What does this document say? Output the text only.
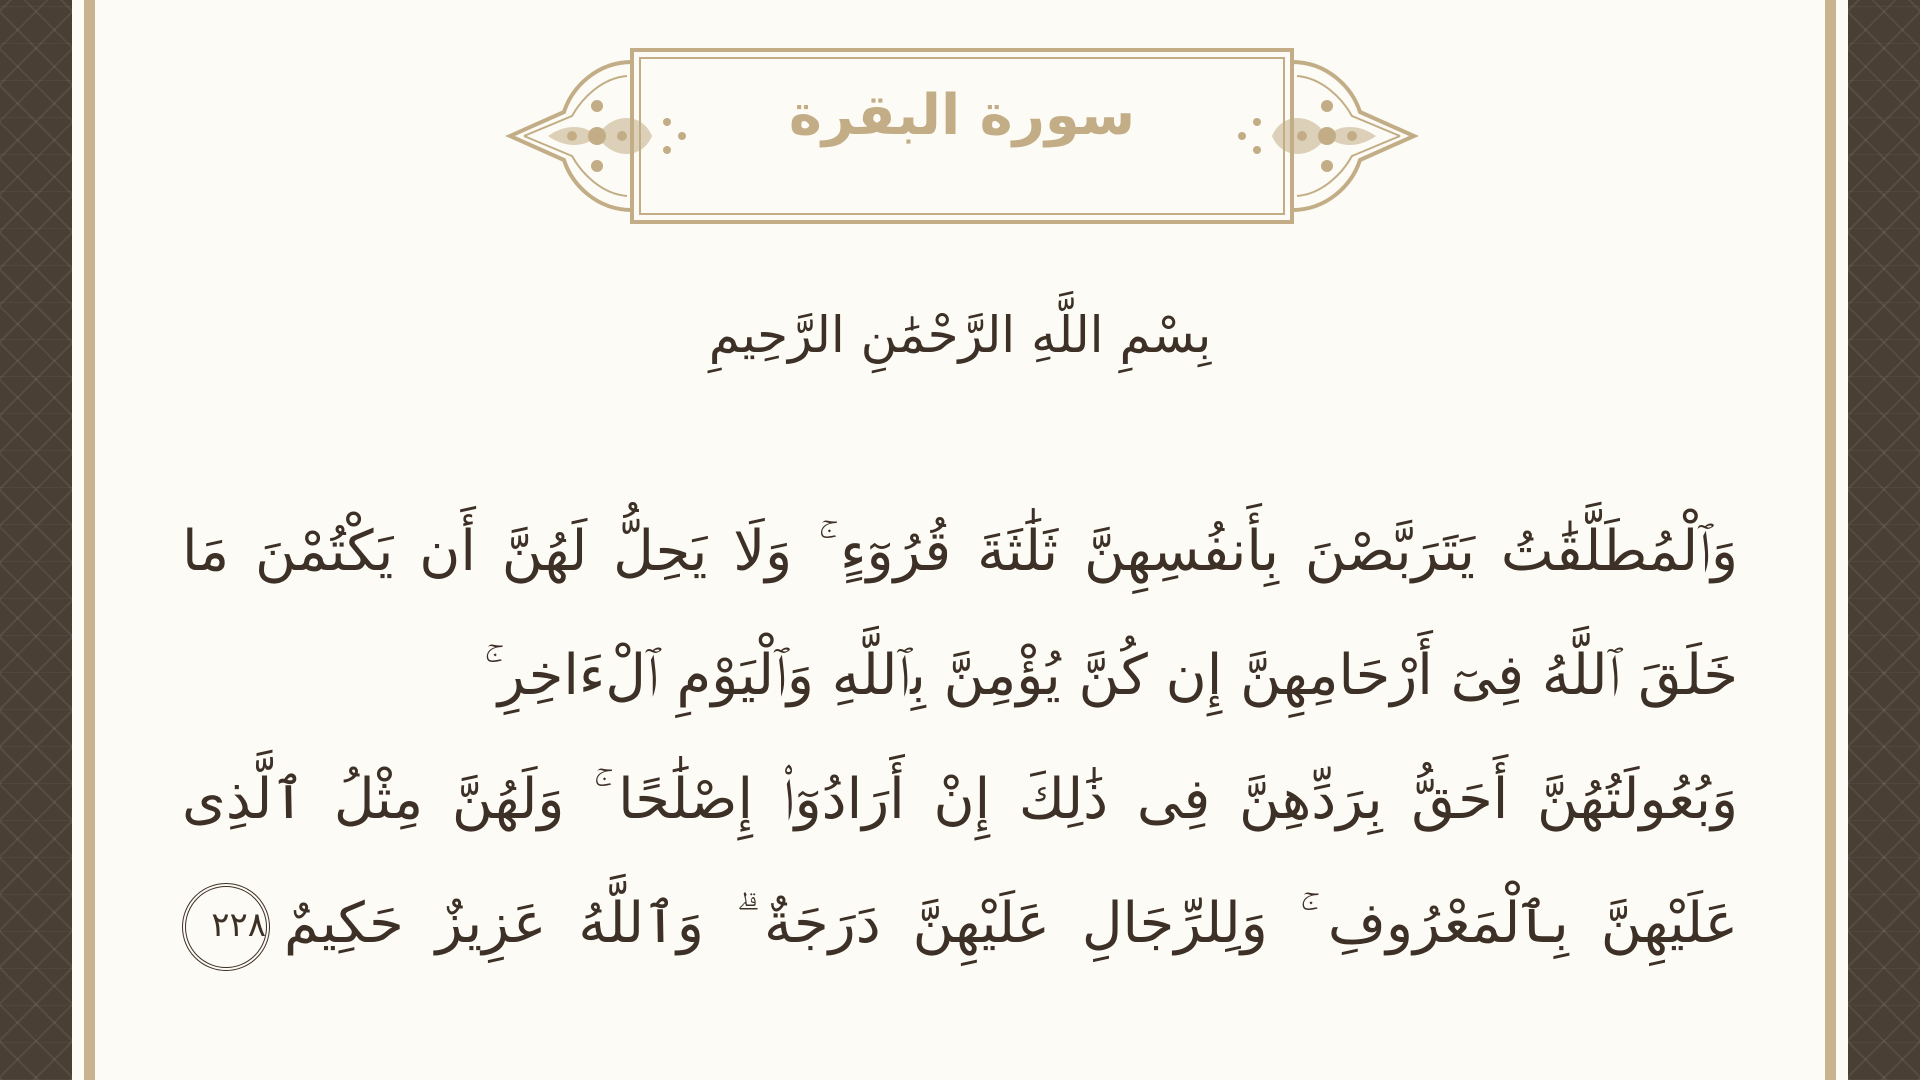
سورة البقرة
بِسْمِ اللَّهِ الرَّحْمَٰنِ الرَّحِيمِ
وَٱلْمُطَلَّقَٰتُ يَتَرَبَّصْنَ بِأَنفُسِهِنَّ ثَلَٰثَةَ قُرُوٓءٍ ۚ وَلَا يَحِلُّ لَهُنَّ أَن يَكْتُمْنَ مَا
خَلَقَ ٱللَّهُ فِىٓ أَرْحَامِهِنَّ إِن كُنَّ يُؤْمِنَّ بِٱللَّهِ وَٱلْيَوْمِ ٱلْءَاخِرِ ۚ
وَبُعُولَتُهُنَّ أَحَقُّ بِرَدِّهِنَّ فِى ذَٰلِكَ إِنْ أَرَادُوٓا۟ إِصْلَٰحًا ۚ وَلَهُنَّ مِثْلُ ٱلَّذِى
عَلَيْهِنَّ بِٱلْمَعْرُوفِ ۚ وَلِلرِّجَالِ عَلَيْهِنَّ دَرَجَةٌ ۗ وَٱللَّهُ عَزِيزٌ حَكِيمٌ٢٢٨
